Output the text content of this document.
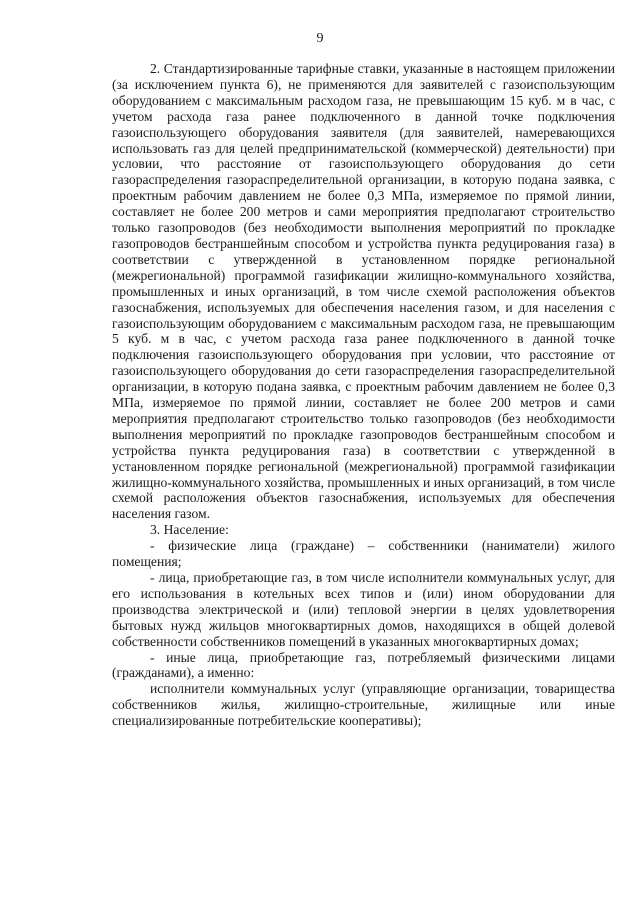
9

2. Стандартизированные тарифные ставки, указанные в настоящем приложении (за исключением пункта 6), не применяются для заявителей с газоиспользующим оборудованием с максимальным расходом газа, не превышающим 15 куб. м в час, с учетом расхода газа ранее подключенного в данной точке подключения газоиспользующего оборудования заявителя (для заявителей, намеревающихся использовать газ для целей предпринимательской (коммерческой) деятельности) при условии, что расстояние от газоиспользующего оборудования до сети газораспределения газораспределительной организации, в которую подана заявка, с проектным рабочим давлением не более 0,3 МПа, измеряемое по прямой линии, составляет не более 200 метров и сами мероприятия предполагают строительство только газопроводов (без необходимости выполнения мероприятий по прокладке газопроводов бестраншейным способом и устройства пункта редуцирования газа) в соответствии с утвержденной в установленном порядке региональной (межрегиональной) программой газификации жилищно-коммунального хозяйства, промышленных и иных организаций, в том числе схемой расположения объектов газоснабжения, используемых для обеспечения населения газом, и для населения с газоиспользующим оборудованием с максимальным расходом газа, не превышающим 5 куб. м в час, с учетом расхода газа ранее подключенного в данной точке подключения газоиспользующего оборудования при условии, что расстояние от газоиспользующего оборудования до сети газораспределения газораспределительной организации, в которую подана заявка, с проектным рабочим давлением не более 0,3 МПа, измеряемое по прямой линии, составляет не более 200 метров и сами мероприятия предполагают строительство только газопроводов (без необходимости выполнения мероприятий по прокладке газопроводов бестраншейным способом и устройства пункта редуцирования газа) в соответствии с утвержденной в установленном порядке региональной (межрегиональной) программой газификации жилищно-коммунального хозяйства, промышленных и иных организаций, в том числе схемой расположения объектов газоснабжения, используемых для обеспечения населения газом.

3. Население:

- физические лица (граждане) – собственники (наниматели) жилого помещения;

- лица, приобретающие газ, в том числе исполнители коммунальных услуг, для его использования в котельных всех типов и (или) ином оборудовании для производства электрической и (или) тепловой энергии в целях удовлетворения бытовых нужд жильцов многоквартирных домов, находящихся в общей долевой собственности собственников помещений в указанных многоквартирных домах;

- иные лица, приобретающие газ, потребляемый физическими лицами (гражданами), а именно:

исполнители коммунальных услуг (управляющие организации, товарищества собственников жилья, жилищно-строительные, жилищные или иные специализированные потребительские кооперативы);
